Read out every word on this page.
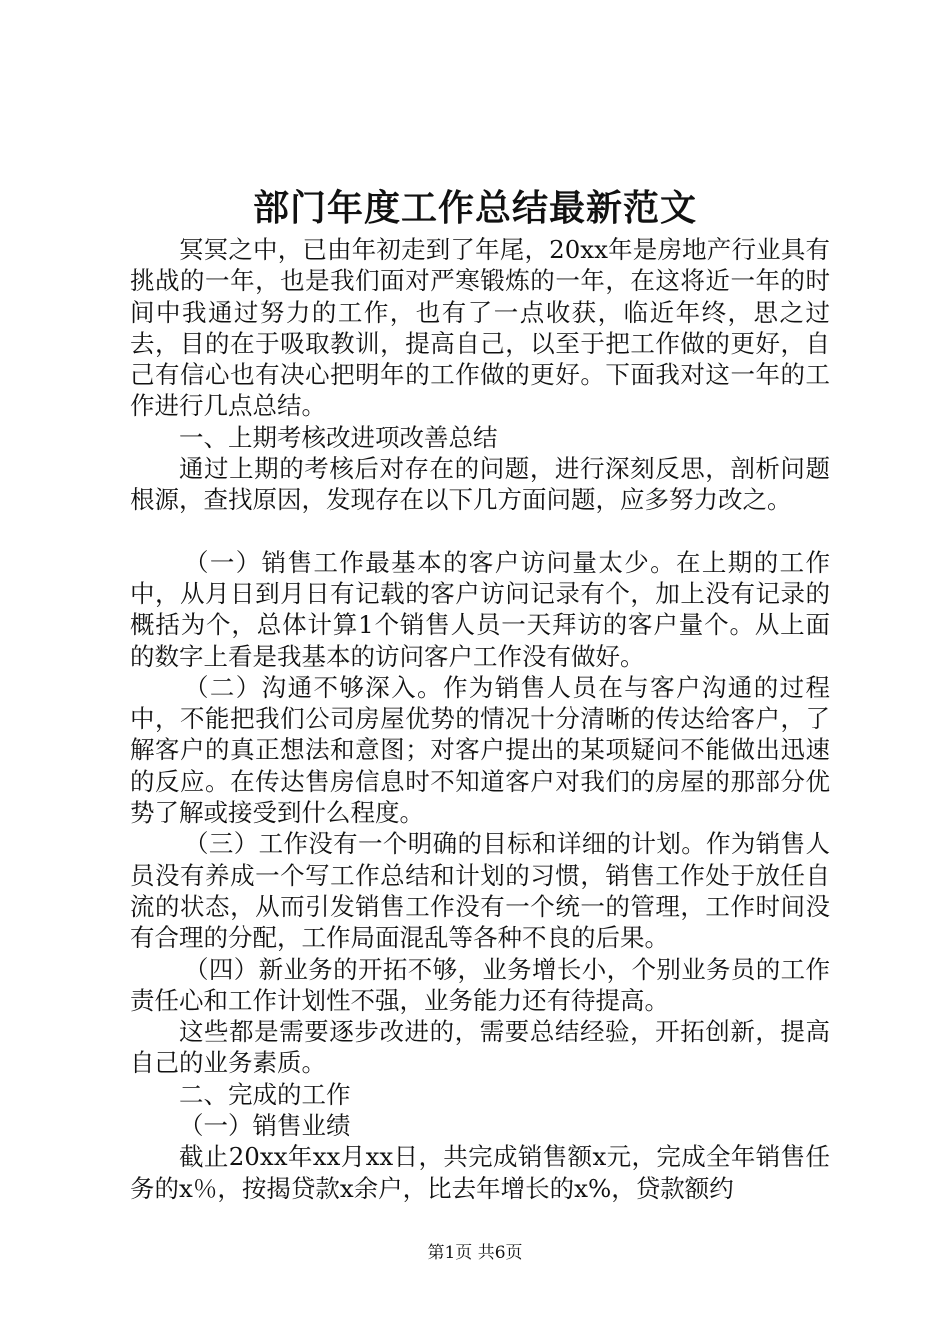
部门年度工作总结最新范文

冥冥之中，已由年初走到了年尾，20xx年是房地产行业具有挑战的一年，也是我们面对严寒锻炼的一年，在这将近一年的时间中我通过努力的工作，也有了一点收获，临近年终，思之过去，目的在于吸取教训，提高自己，以至于把工作做的更好，自己有信心也有决心把明年的工作做的更好。下面我对这一年的工作进行几点总结。

一、上期考核改进项改善总结

通过上期的考核后对存在的问题，进行深刻反思，剖析问题根源，查找原因，发现存在以下几方面问题，应多努力改之。

（一）销售工作最基本的客户访问量太少。在上期的工作中，从月日到月日有记载的客户访问记录有个，加上没有记录的概括为个，总体计算1个销售人员一天拜访的客户量个。从上面的数字上看是我基本的访问客户工作没有做好。

（二）沟通不够深入。作为销售人员在与客户沟通的过程中，不能把我们公司房屋优势的情况十分清晰的传达给客户，了解客户的真正想法和意图；对客户提出的某项疑问不能做出迅速的反应。在传达售房信息时不知道客户对我们的房屋的那部分优势了解或接受到什么程度。

（三）工作没有一个明确的目标和详细的计划。作为销售人员没有养成一个写工作总结和计划的习惯，销售工作处于放任自流的状态，从而引发销售工作没有一个统一的管理，工作时间没有合理的分配，工作局面混乱等各种不良的后果。

（四）新业务的开拓不够，业务增长小，个别业务员的工作责任心和工作计划性不强，业务能力还有待提高。

这些都是需要逐步改进的，需要总结经验，开拓创新，提高自己的业务素质。

二、完成的工作

（一）销售业绩

截止20xx年xx月xx日，共完成销售额x元，完成全年销售任务的x％，按揭贷款x余户，比去年增长的x%，贷款额约

第1页 共6页
